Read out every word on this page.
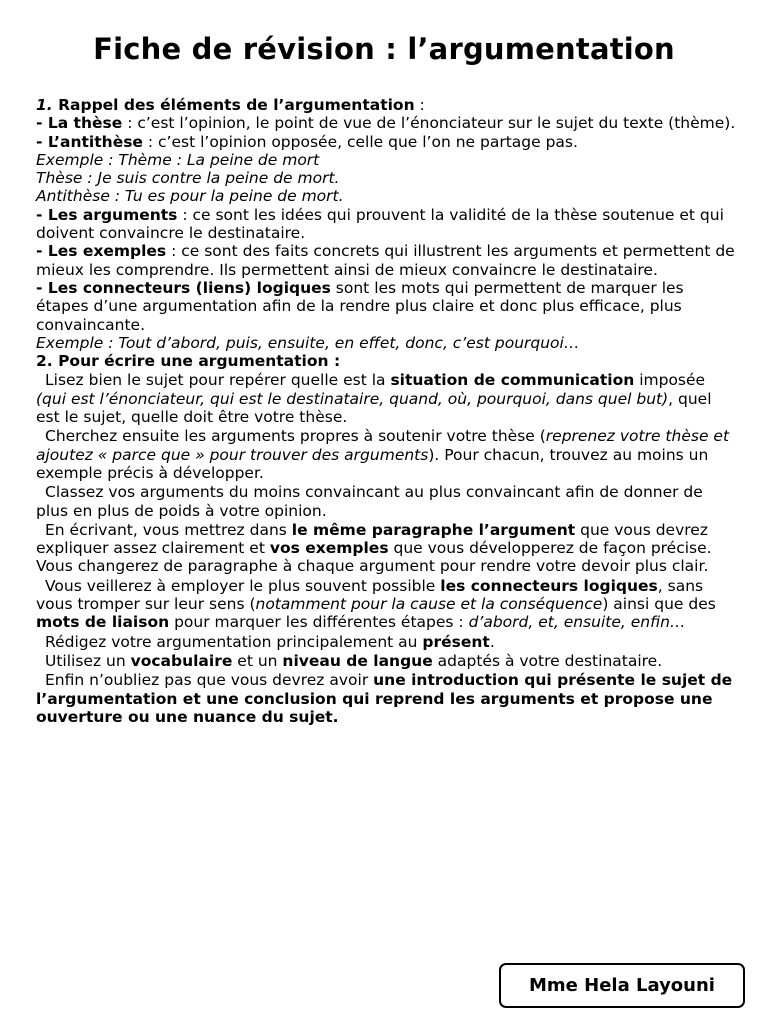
Fiche de révision : l’argumentation
1. Rappel des éléments de l’argumentation :
- La thèse : c’est l’opinion, le point de vue de l’énonciateur sur le sujet du texte (thème).
- L’antithèse : c’est l’opinion opposée, celle que l’on ne partage pas.
Exemple : Thème : La peine de mort
Thèse : Je suis contre la peine de mort.
Antithèse : Tu es pour la peine de mort.
- Les arguments : ce sont les idées qui prouvent la validité de la thèse soutenue et qui doivent convaincre le destinataire.
- Les exemples : ce sont des faits concrets qui illustrent les arguments et permettent de mieux les comprendre. Ils permettent ainsi de mieux convaincre le destinataire.
- Les connecteurs (liens) logiques sont les mots qui permettent de marquer les étapes d’une argumentation afin de la rendre plus claire et donc plus efficace, plus convaincante.
Exemple : Tout d’abord, puis, ensuite, en effet, donc, c’est pourquoi…
2. Pour écrire une argumentation :
Lisez bien le sujet pour repérer quelle est la situation de communication imposée (qui est l’énonciateur, qui est le destinataire, quand, où, pourquoi, dans quel but), quel est le sujet, quelle doit être votre thèse.
Cherchez ensuite les arguments propres à soutenir votre thèse (reprenez votre thèse et ajoutez « parce que » pour trouver des arguments). Pour chacun, trouvez au moins un exemple précis à développer.
Classez vos arguments du moins convaincant au plus convaincant afin de donner de plus en plus de poids à votre opinion.
En écrivant, vous mettrez dans le même paragraphe l’argument que vous devrez expliquer assez clairement et vos exemples que vous développerez de façon précise. Vous changerez de paragraphe à chaque argument pour rendre votre devoir plus clair.
Vous veillerez à employer le plus souvent possible les connecteurs logiques, sans vous tromper sur leur sens (notamment pour la cause et la conséquence) ainsi que des mots de liaison pour marquer les différentes étapes : d’abord, et, ensuite, enfin…
Rédigez votre argumentation principalement au présent.
Utilisez un vocabulaire et un niveau de langue adaptés à votre destinataire.
Enfin n’oubliez pas que vous devrez avoir une introduction qui présente le sujet de l’argumentation et une conclusion qui reprend les arguments et propose une ouverture ou une nuance du sujet.
Mme Hela Layouni
